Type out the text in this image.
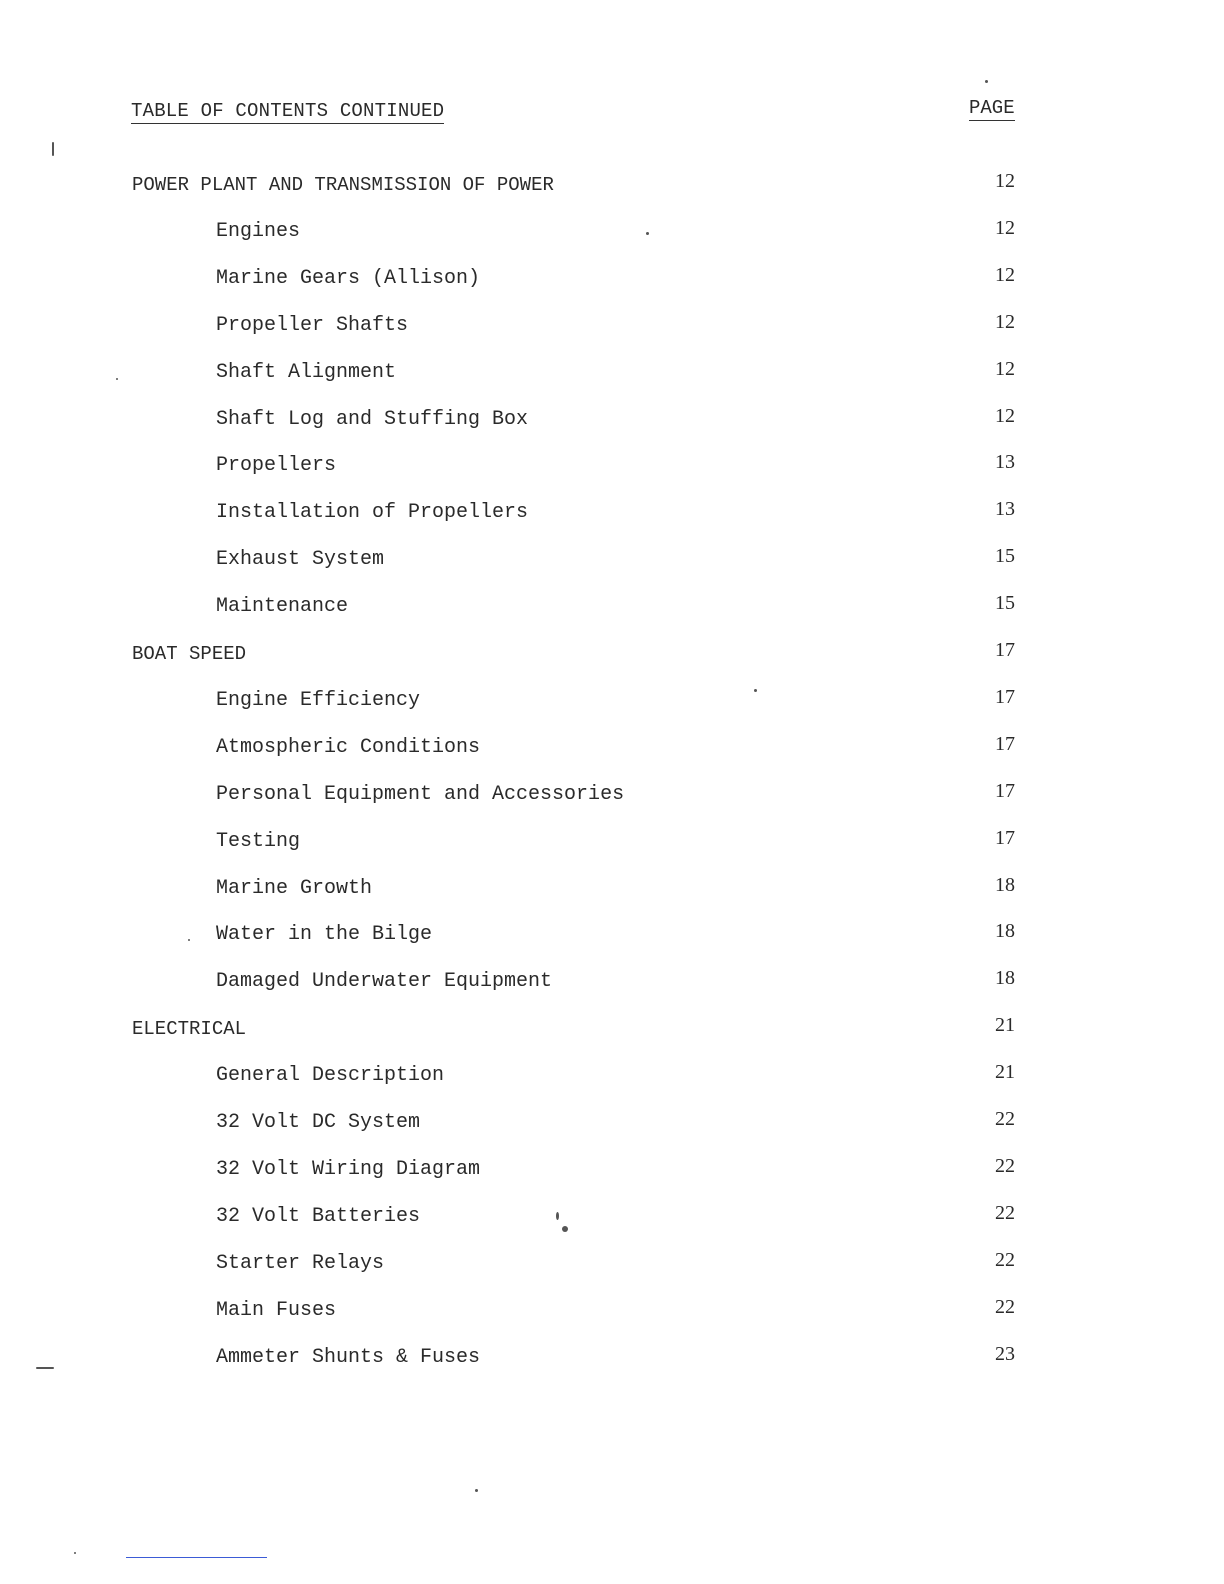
TABLE OF CONTENTS CONTINUED	PAGE
POWER PLANT AND TRANSMISSION OF POWER	12
Engines	12
Marine Gears (Allison)	12
Propeller Shafts	12
Shaft Alignment	12
Shaft Log and Stuffing Box	12
Propellers	13
Installation of Propellers	13
Exhaust System	15
Maintenance	15
BOAT SPEED	17
Engine Efficiency	17
Atmospheric Conditions	17
Personal Equipment and Accessories	17
Testing	17
Marine Growth	18
Water in the Bilge	18
Damaged Underwater Equipment	18
ELECTRICAL	21
General Description	21
32 Volt DC System	22
32 Volt Wiring Diagram	22
32 Volt Batteries	22
Starter Relays	22
Main Fuses	22
Ammeter Shunts & Fuses	23
